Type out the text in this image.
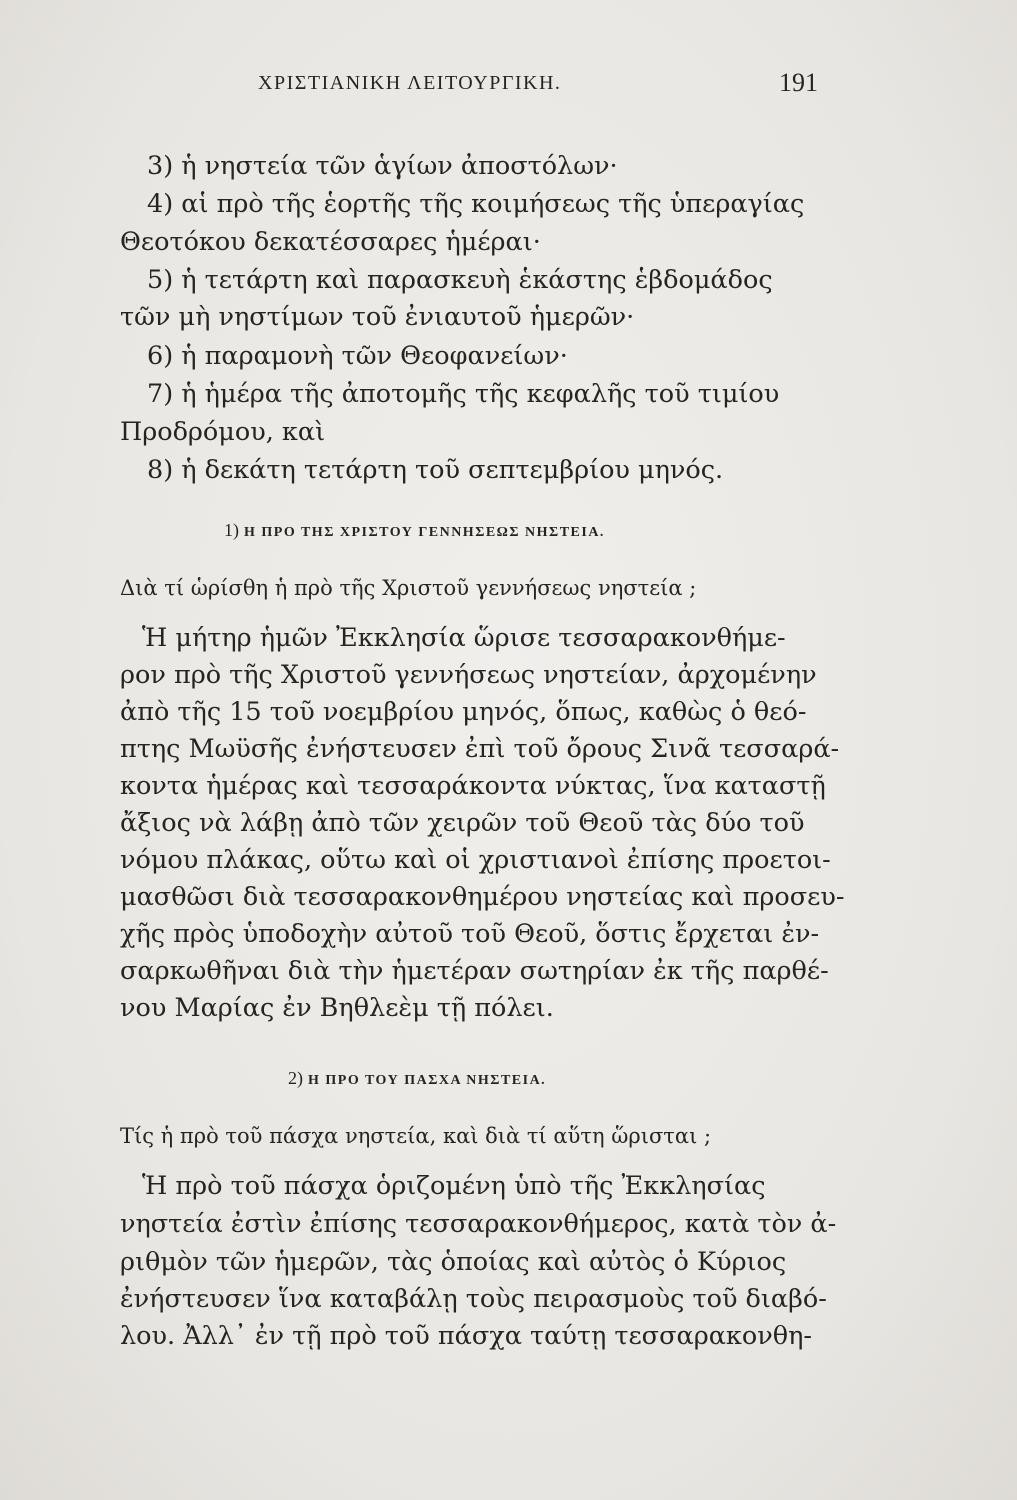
ΧΡΙΣΤΙΑΝΙΚΗ ΛΕΙΤΟΥΡΓΙΚΗ.	191
3) ἡ νηστεία τῶν ἁγίων ἀποστόλων·
4) αἱ πρὸ τῆς ἑορτῆς τῆς κοιμήσεως τῆς ὑπεραγίας
Θεοτόκου δεκατέσσαρες ἡμέραι·
5) ἡ τετάρτη καὶ παρασκευὴ ἑκάστης ἑβδομάδος
τῶν μὴ νηστίμων τοῦ ἐνιαυτοῦ ἡμερῶν·
6) ἡ παραμονὴ τῶν Θεοφανείων·
7) ἡ ἡμέρα τῆς ἀποτομῆς τῆς κεφαλῆς τοῦ τιμίου
Προδρόμου, καὶ
8) ἡ δεκάτη τετάρτη τοῦ σεπτεμβρίου μηνός.
1) Η ΠΡΟ ΤΗΣ ΧΡΙΣΤΟΥ ΓΕΝΝΗΣΕΩΣ ΝΗΣΤΕΙΑ.
Διὰ τί ὡρίσθη ἡ πρὸ τῆς Χριστοῦ γεννήσεως νηστεία ;
Ἡ μήτηρ ἡμῶν Ἐκκλησία ὥρισε τεσσαρακονθήμε-
ρον πρὸ τῆς Χριστοῦ γεννήσεως νηστείαν, ἀρχομένην
ἀπὸ τῆς 15 τοῦ νοεμβρίου μηνός, ὅπως, καθὼς ὁ θεό-
πτης Μωϋσῆς ἐνήστευσεν ἐπὶ τοῦ ὄρους Σινᾶ τεσσαρά-
κοντα ἡμέρας καὶ τεσσαράκοντα νύκτας, ἵνα καταστῇ
ἄξιος νὰ λάβῃ ἀπὸ τῶν χειρῶν τοῦ Θεοῦ τὰς δύο τοῦ
νόμου πλάκας, οὕτω καὶ οἱ χριστιανοὶ ἐπίσης προετοι-
μασθῶσι διὰ τεσσαρακονθημέρου νηστείας καὶ προσευ-
χῆς πρὸς ὑποδοχὴν αὐτοῦ τοῦ Θεοῦ, ὅστις ἔρχεται ἐν-
σαρκωθῆναι διὰ τὴν ἡμετέραν σωτηρίαν ἐκ τῆς παρθέ-
νου Μαρίας ἐν Βηθλεὲμ τῇ πόλει.
2) Η ΠΡΟ ΤΟΥ ΠΑΣΧΑ ΝΗΣΤΕΙΑ.
Τίς ἡ πρὸ τοῦ πάσχα νηστεία, καὶ διὰ τί αὕτη ὥρισται ;
Ἡ πρὸ τοῦ πάσχα ὁριζομένη ὑπὸ τῆς Ἐκκλησίας
νηστεία ἐστὶν ἐπίσης τεσσαρακονθήμερος, κατὰ τὸν ἀ-
ριθμὸν τῶν ἡμερῶν, τὰς ὁποίας καὶ αὐτὸς ὁ Κύριος
ἐνήστευσεν ἵνα καταβάλῃ τοὺς πειρασμοὺς τοῦ διαβό-
λου. Ἀλλ᾽ ἐν τῇ πρὸ τοῦ πάσχα ταύτῃ τεσσαρακονθη-
